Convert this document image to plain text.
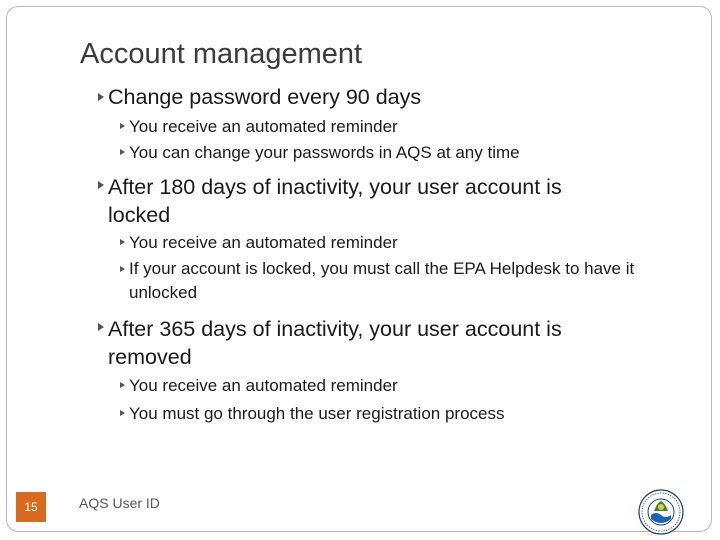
Account management
Change password every 90 days
You receive an automated reminder
You can change your passwords in AQS at any time
After 180 days of inactivity, your user account is locked
You receive an automated reminder
If your account is locked, you must call the EPA Helpdesk to have it unlocked
After 365 days of inactivity, your user account is removed
You receive an automated reminder
You must go through the user registration process
15	AQS User ID
